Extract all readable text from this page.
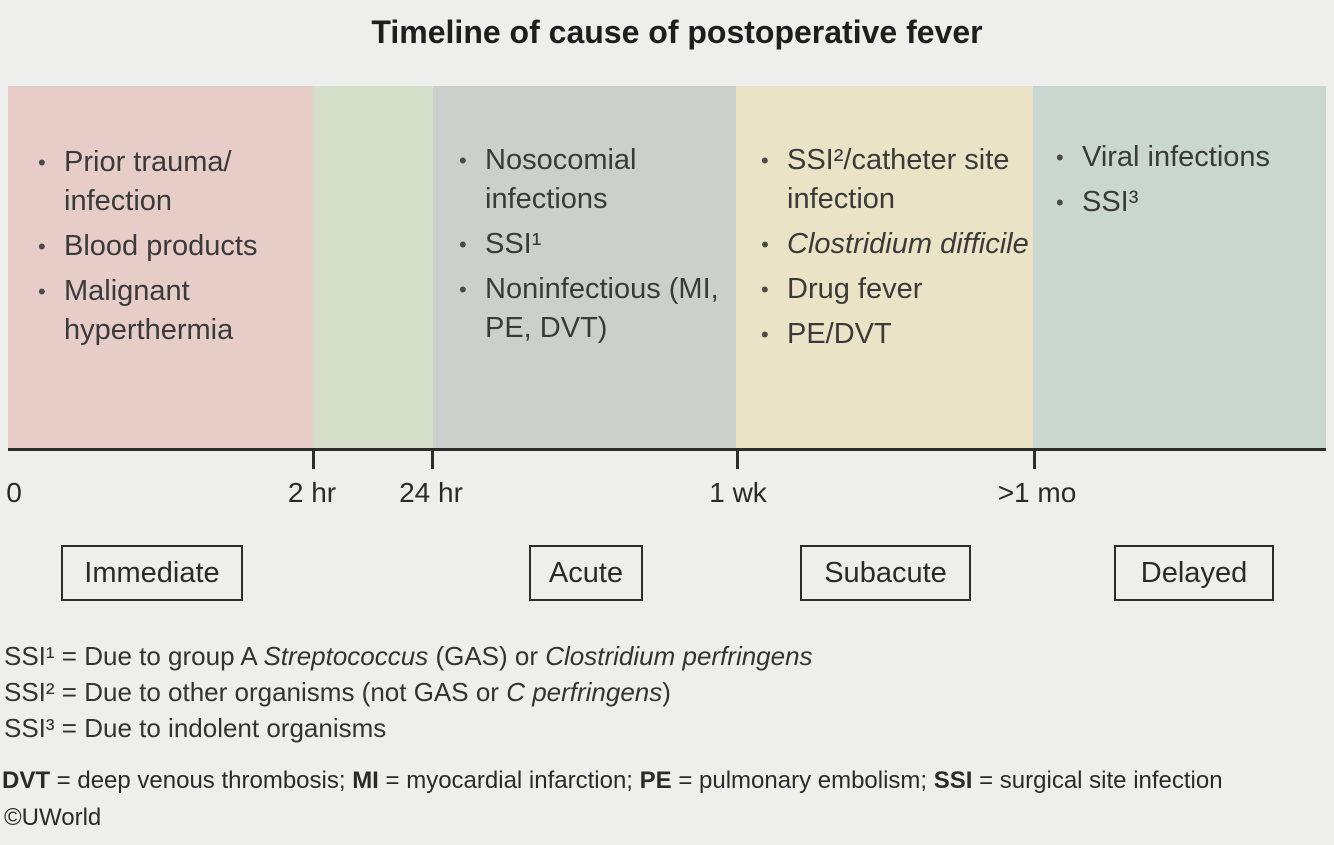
Timeline of cause of postoperative fever
• Prior trauma/ infection
• Blood products
• Malignant hyperthermia
• Nosocomial infections
• SSI¹
• Noninfectious (MI, PE, DVT)
• SSI²/catheter site infection
• Clostridium difficile
• Drug fever
• PE/DVT
• Viral infections
• SSI³
0	2 hr 24 hr	1 wk	>1 mo
Immediate	Acute	Subacute	Delayed
SSI¹ = Due to group A Streptococcus (GAS) or Clostridium perfringens
SSI² = Due to other organisms (not GAS or C perfringens)
SSI³ = Due to indolent organisms
DVT = deep venous thrombosis; MI = myocardial infarction; PE = pulmonary embolism; SSI = surgical site infection
©UWorld
